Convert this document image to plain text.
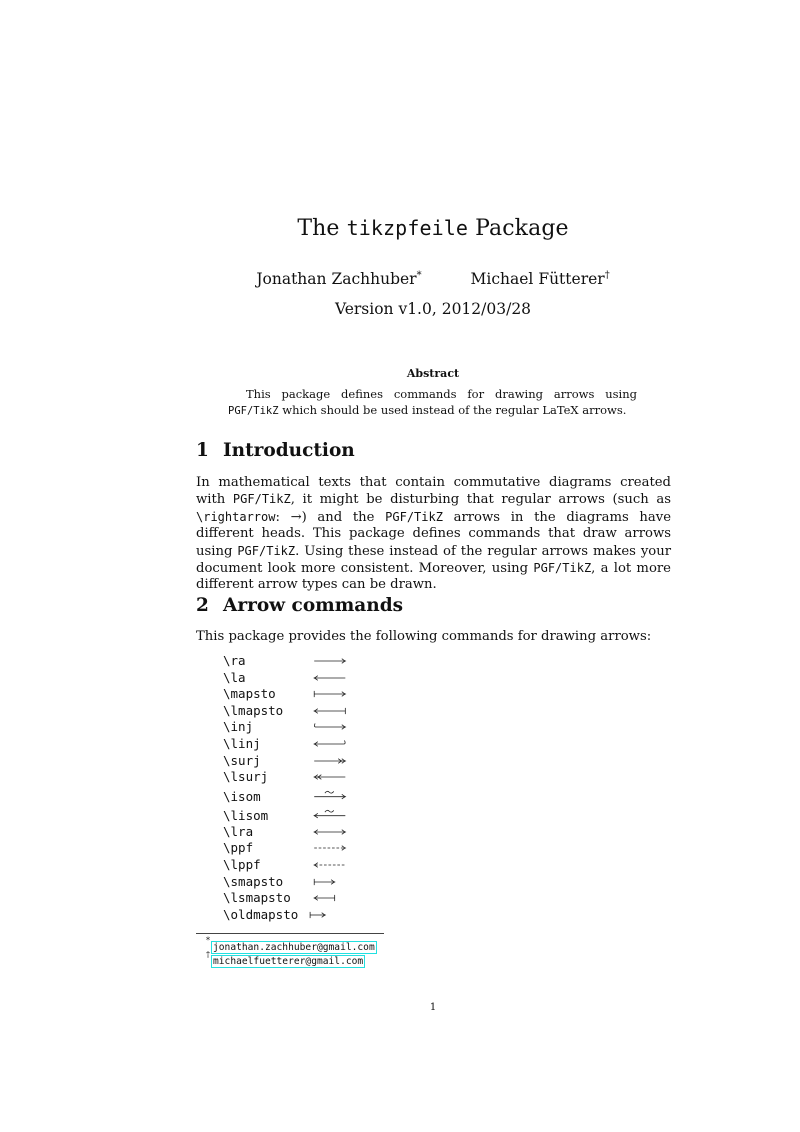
The tikzpfeile Package
Jonathan Zachhuber*	Michael Fütterer†
Version v1.0, 2012/03/28
Abstract
This package defines commands for drawing arrows using PGF/TikZ which should be used instead of the regular LaTeX arrows.
1 Introduction
In mathematical texts that contain commutative diagrams created with PGF/TikZ, it might be disturbing that regular arrows (such as \rightarrow: →) and the PGF/TikZ arrows in the diagrams have different heads. This package defines commands that draw arrows using PGF/TikZ. Using these instead of the regular arrows makes your document look more consistent. Moreover, using PGF/TikZ, a lot more different arrow types can be drawn.
2 Arrow commands
This package provides the following commands for drawing arrows:
\ra
\la
\mapsto
\lmapsto
\inj
\linj
\surj
\lsurj
\isom
\lisom
\lra
\ppf
\lppf
\smapsto
\lsmapsto
\oldmapsto
*jonathan.zachhuber@gmail.com
†michaelfuetterer@gmail.com
1
